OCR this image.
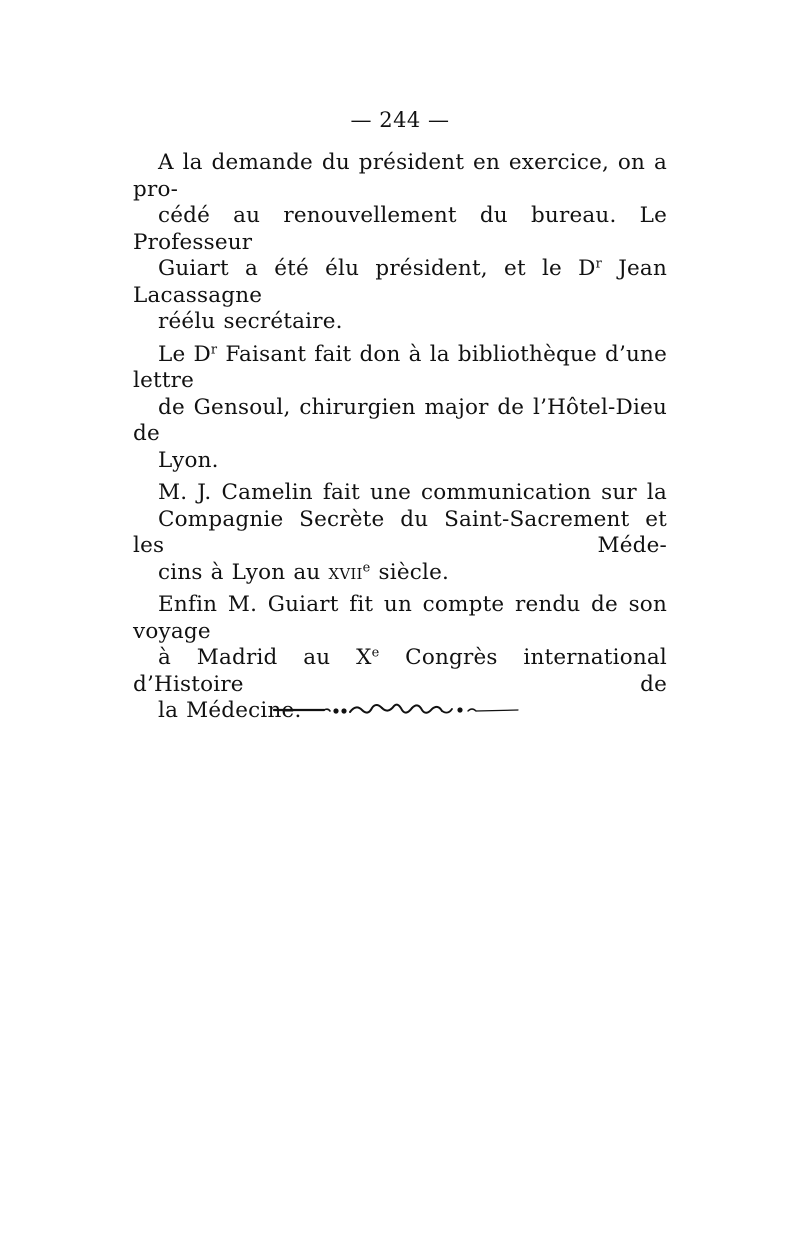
— 244 —

A la demande du président en exercice, on a pro-
cédé au renouvellement du bureau. Le Professeur
Guiart a été élu président, et le $D^r$ Jean Lacassagne
réélu secrétaire.

Le $D^r$ Faisant fait don à la bibliothèque d’une lettre
de Gensoul, chirurgien major de l’Hôtel-Dieu de
Lyon.

M. J. Camelin fait une communication sur la
Compagnie Secrète du Saint-Sacrement et les Méde-
cins à Lyon au xvii$^e$ siècle.

Enfin M. Guiart fit un compte rendu de son voyage
à Madrid au Xe Congrès international d’Histoire de
la Médecine.
